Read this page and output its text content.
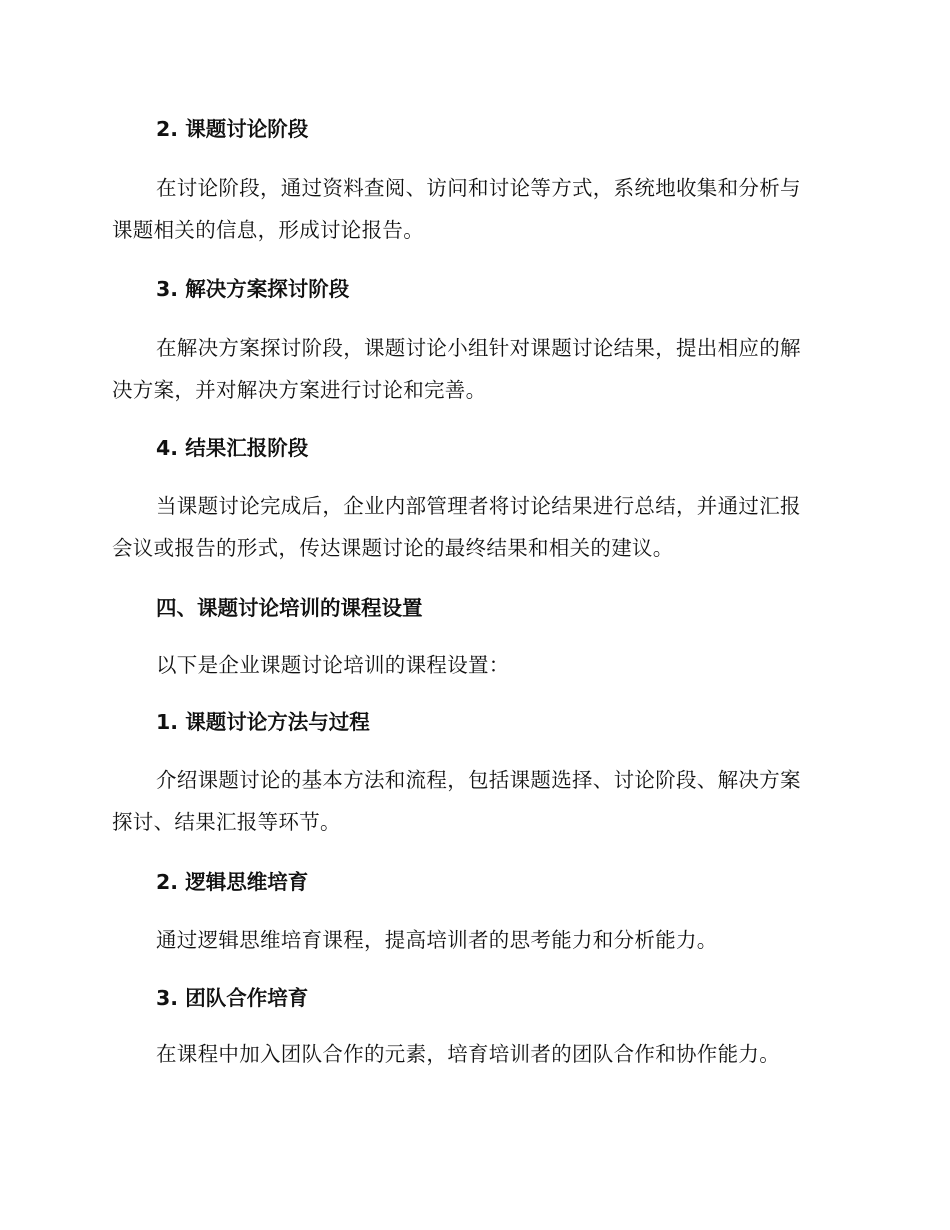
2. 课题讨论阶段

在讨论阶段，通过资料查阅、访问和讨论等方式，系统地收集和分析与
课题相关的信息，形成讨论报告。

3. 解决方案探讨阶段

在解决方案探讨阶段，课题讨论小组针对课题讨论结果，提出相应的解
决方案，并对解决方案进行讨论和完善。

4. 结果汇报阶段

当课题讨论完成后，企业内部管理者将讨论结果进行总结，并通过汇报
会议或报告的形式，传达课题讨论的最终结果和相关的建议。

四、课题讨论培训的课程设置

以下是企业课题讨论培训的课程设置：

1. 课题讨论方法与过程

介绍课题讨论的基本方法和流程，包括课题选择、讨论阶段、解决方案
探讨、结果汇报等环节。

2. 逻辑思维培育

通过逻辑思维培育课程，提高培训者的思考能力和分析能力。

3. 团队合作培育

在课程中加入团队合作的元素，培育培训者的团队合作和协作能力。
